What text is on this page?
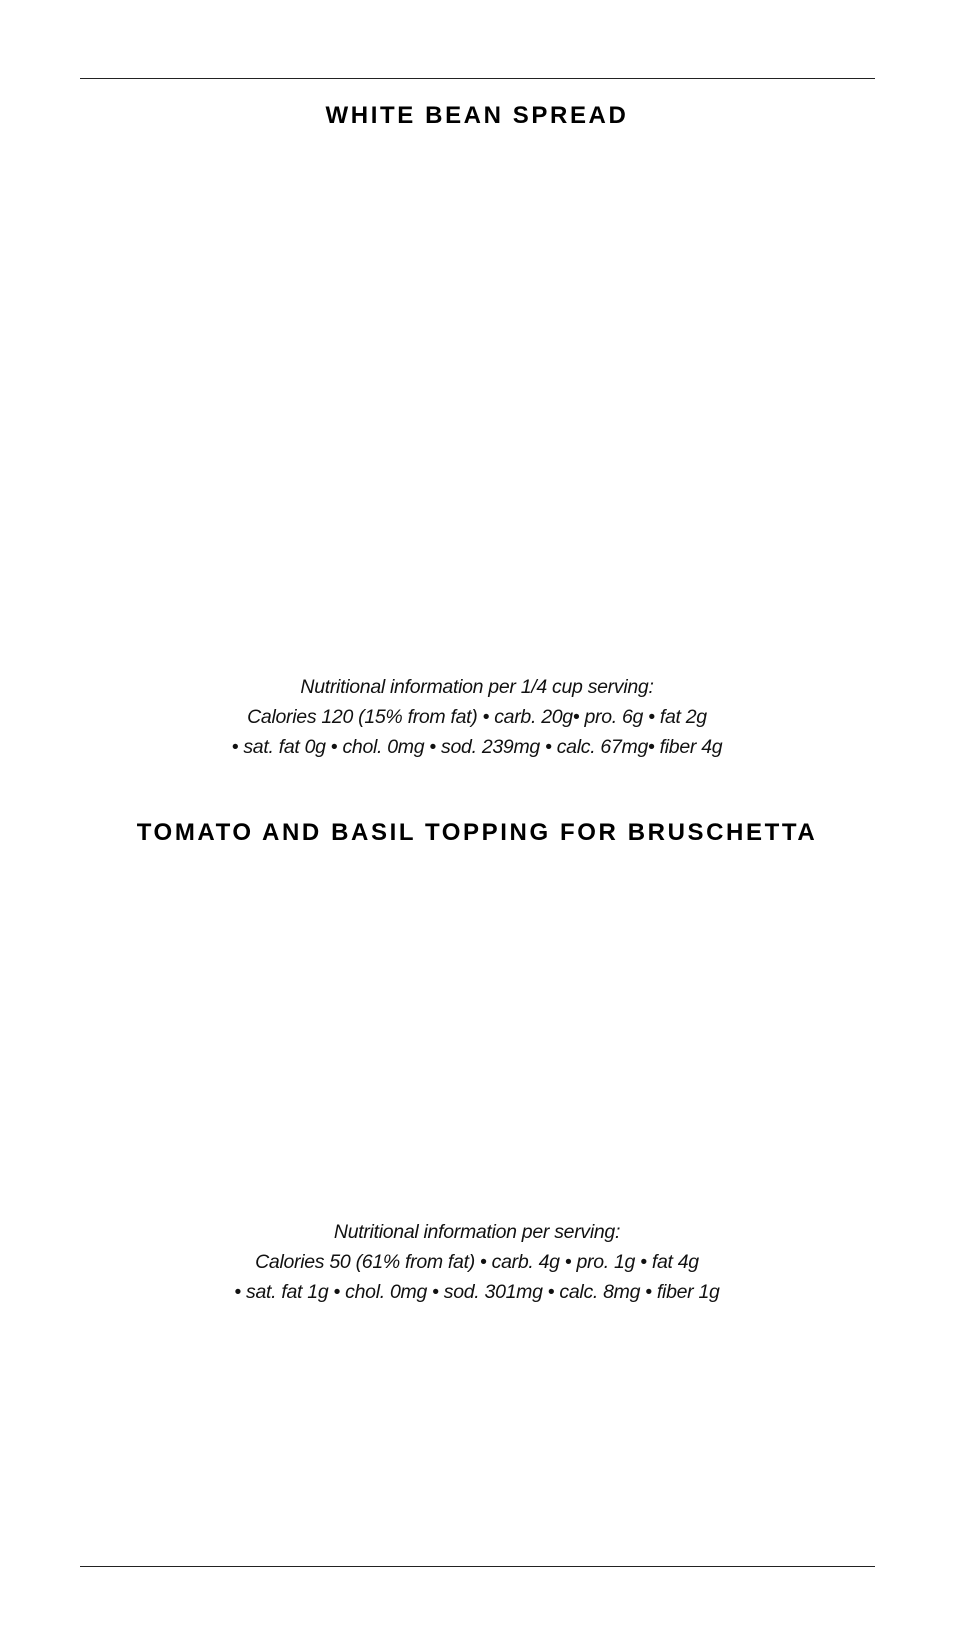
WHITE BEAN SPREAD
Nutritional information per 1/4 cup serving:
Calories 120 (15% from fat) • carb. 20g• pro. 6g • fat 2g
• sat. fat 0g • chol. 0mg • sod. 239mg • calc. 67mg• fiber 4g
TOMATO AND BASIL TOPPING FOR BRUSCHETTA
Nutritional information per serving:
Calories 50 (61% from fat) • carb. 4g • pro. 1g • fat 4g
• sat. fat 1g • chol. 0mg • sod. 301mg • calc. 8mg • fiber 1g
